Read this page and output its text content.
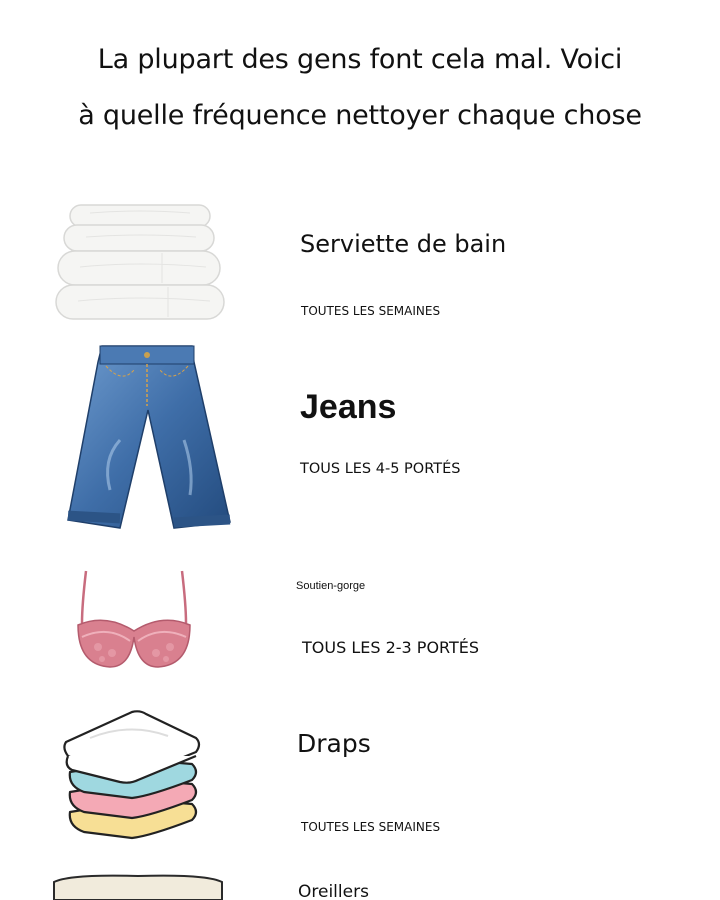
La plupart des gens font cela mal. Voici
à quelle fréquence nettoyer chaque chose
Serviette de bain
TOUTES LES SEMAINES
Jeans
TOUS LES 4-5 PORTÉS
Soutien-gorge
TOUS LES 2-3 PORTÉS
Draps
TOUTES LES SEMAINES
Oreillers
